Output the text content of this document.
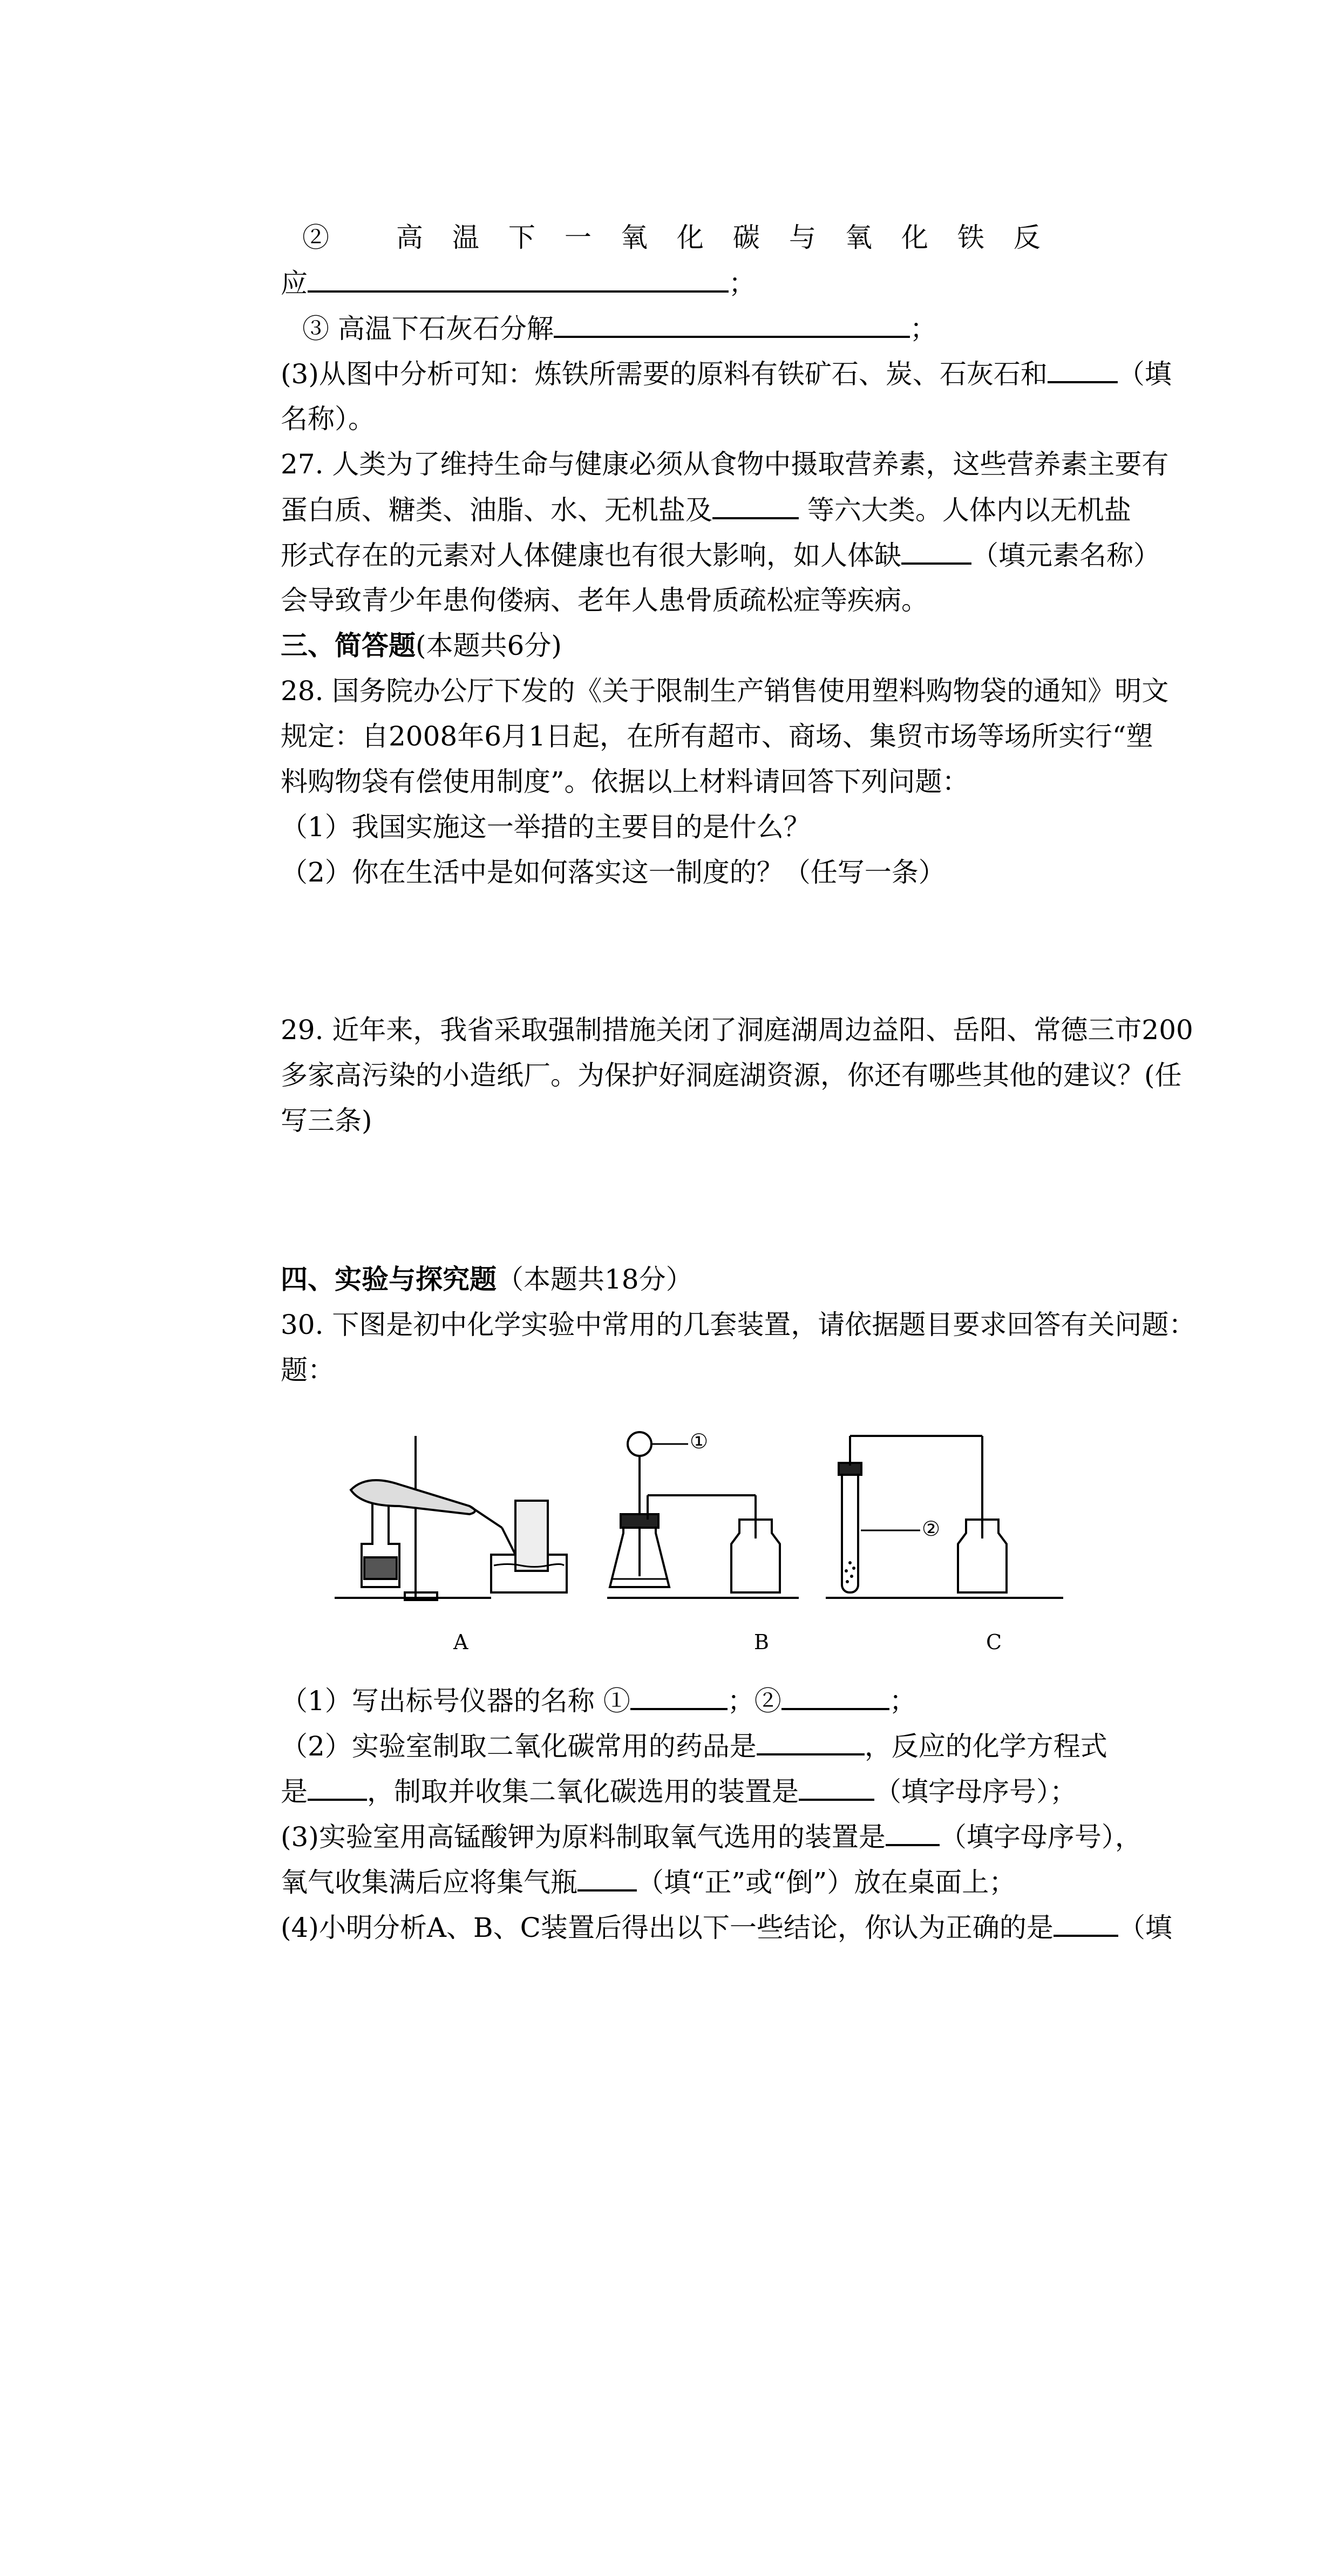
② 高温下一氧化碳与氧化铁反
应	；
③ 高温下石灰石分解	；
(3)从图中分析可知：炼铁所需要的原料有铁矿石、炭、石灰石和	（填
名称）。
27. 人类为了维持生命与健康必须从食物中摄取营养素，这些营养素主要有
蛋白质、糖类、油脂、水、无机盐及	等六大类。人体内以无机盐
形式存在的元素对人体健康也有很大影响，如人体缺	（填元素名称）
会导致青少年患佝偻病、老年人患骨质疏松症等疾病。
三、简答题(本题共6分)
28. 国务院办公厅下发的《关于限制生产销售使用塑料购物袋的通知》明文
规定：自2008年6月1日起，在所有超市、商场、集贸市场等场所实行“塑
料购物袋有偿使用制度”。依据以上材料请回答下列问题：
（1）我国实施这一举措的主要目的是什么？
（2）你在生活中是如何落实这一制度的？（任写一条）
29. 近年来，我省采取强制措施关闭了洞庭湖周边益阳、岳阳、常德三市200
多家高污染的小造纸厂。为保护好洞庭湖资源，你还有哪些其他的建议？(任
写三条)
四、实验与探究题（本题共18分）
30. 下图是初中化学实验中常用的几套装置，请依据题目要求回答有关问题：
题：
①
②
A	B	C
（1）写出标号仪器的名称 ①	；②	；
（2）实验室制取二氧化碳常用的药品是	，反应的化学方程式
是 ，制取并收集二氧化碳选用的装置是	（填字母序号）；
(3)实验室用高锰酸钾为原料制取氧气选用的装置是 （填字母序号），
氧气收集满后应将集气瓶 （填“正”或“倒”）放在桌面上；
(4)小明分析A、B、C装置后得出以下一些结论，你认为正确的是 （填
